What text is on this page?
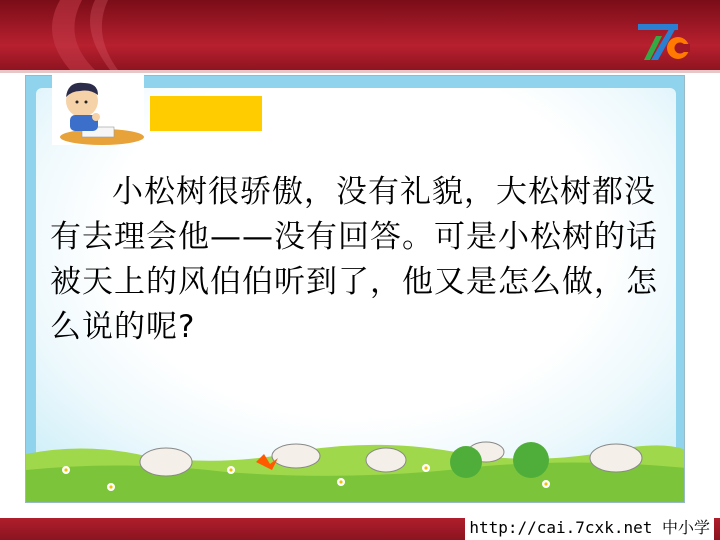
小松树很骄傲，没有礼貌，大松树都没有去理会他——没有回答。可是小松树的话被天上的风伯伯听到了，他又是怎么做，怎么说的呢?

http://cai.7cxk.net 中小学
